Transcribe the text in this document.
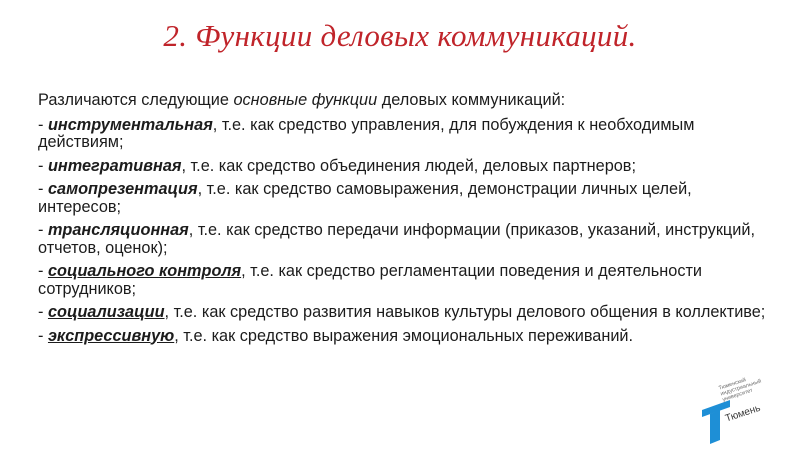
2. Функции деловых коммуникаций.

Различаются следующие основные функции деловых коммуникаций:

- инструментальная, т.е. как средство управления, для побуждения к необходимым действиям;

- интегративная, т.е. как средство объединения людей, деловых партнеров;

- самопрезентация, т.е. как средство самовыражения, демонстрации личных целей, интересов;

- трансляционная, т.е. как средство передачи информации (приказов, указаний, инструкций, отчетов, оценок);

- социального контроля, т.е. как средство регламентации поведения и деятельности сотрудников;

- социализации, т.е. как средство развития навыков культуры делового общения в коллективе;

- экспрессивную, т.е. как средство выражения эмоциональных переживаний.

Тюменский индустриальный университет
Тюмень
